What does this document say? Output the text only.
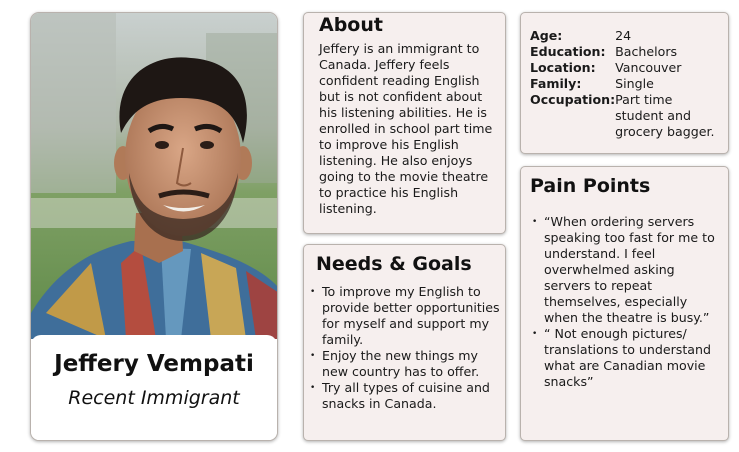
Jeffery Vempati
Recent Immigrant
About
Jeffery is an immigrant to Canada. Jeffery feels confident reading English but is not confident about his listening abilities. He is enrolled in school part time to improve his English listening. He also enjoys going to the movie theatre to practice his English listening.
Needs & Goals
• To improve my English to provide better opportunities for myself and support my family.
• Enjoy the new things my new country has to offer.
• Try all types of cuisine and snacks in Canada.
Age:	24
Education:	Bachelors
Location:	Vancouver
Family:	Single
Occupation:	Part time student and grocery bagger.
Pain Points
• “When ordering servers speaking too fast for me to understand. I feel overwhelmed asking servers to repeat themselves, especially when the theatre is busy.”
• “ Not enough pictures/ translations to understand what are Canadian movie snacks”
